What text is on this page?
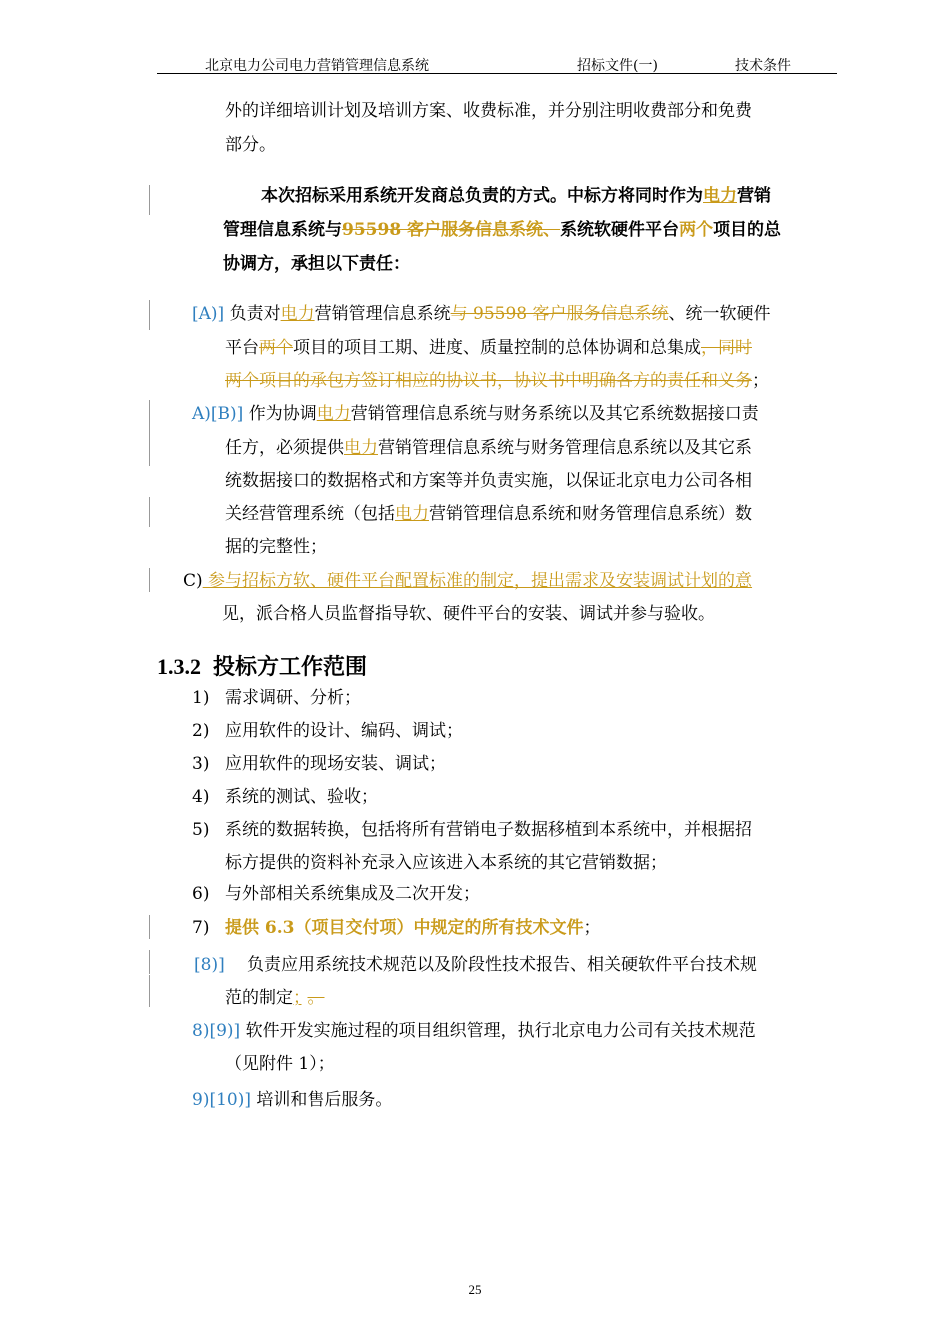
北京电力公司电力营销管理信息系统	招标文件(一)	技术条件
外的详细培训计划及培训方案、收费标准，并分别注明收费部分和免费
部分。
本次招标采用系统开发商总负责的方式。中标方将同时作为电力营销
管理信息系统与95598 客户服务信息系统、系统软硬件平台两个项目的总
协调方，承担以下责任：
[A)] 负责对电力营销管理信息系统与 95598 客户服务信息系统、统一软硬件
平台两个项目的项目工期、进度、质量控制的总体协调和总集成，同时
两个项目的承包方签订相应的协议书，协议书中明确各方的责任和义务；
A)[B)] 作为协调电力营销管理信息系统与财务系统以及其它系统数据接口责
任方，必须提供电力营销管理信息系统与财务管理信息系统以及其它系
统数据接口的数据格式和方案等并负责实施，以保证北京电力公司各相
关经营管理系统（包括电力营销管理信息系统和财务管理信息系统）数
据的完整性；
C) 参与招标方软、硬件平台配置标准的制定，提出需求及安装调试计划的意
见，派合格人员监督指导软、硬件平台的安装、调试并参与验收。
1.3.2 投标方工作范围
1) 需求调研、分析；
2) 应用软件的设计、编码、调试；
3) 应用软件的现场安装、调试；
4) 系统的测试、验收；
5) 系统的数据转换，包括将所有营销电子数据移植到本系统中，并根据招
标方提供的资料补充录入应该进入本系统的其它营销数据；
6) 与外部相关系统集成及二次开发；
7) 提供 6.3（项目交付项）中规定的所有技术文件；
[8)] 负责应用系统技术规范以及阶段性技术报告、相关硬软件平台技术规
范的制定； 。
8)[9)] 软件开发实施过程的项目组织管理，执行北京电力公司有关技术规范
（见附件 1）；
9)[10)] 培训和售后服务。
25
